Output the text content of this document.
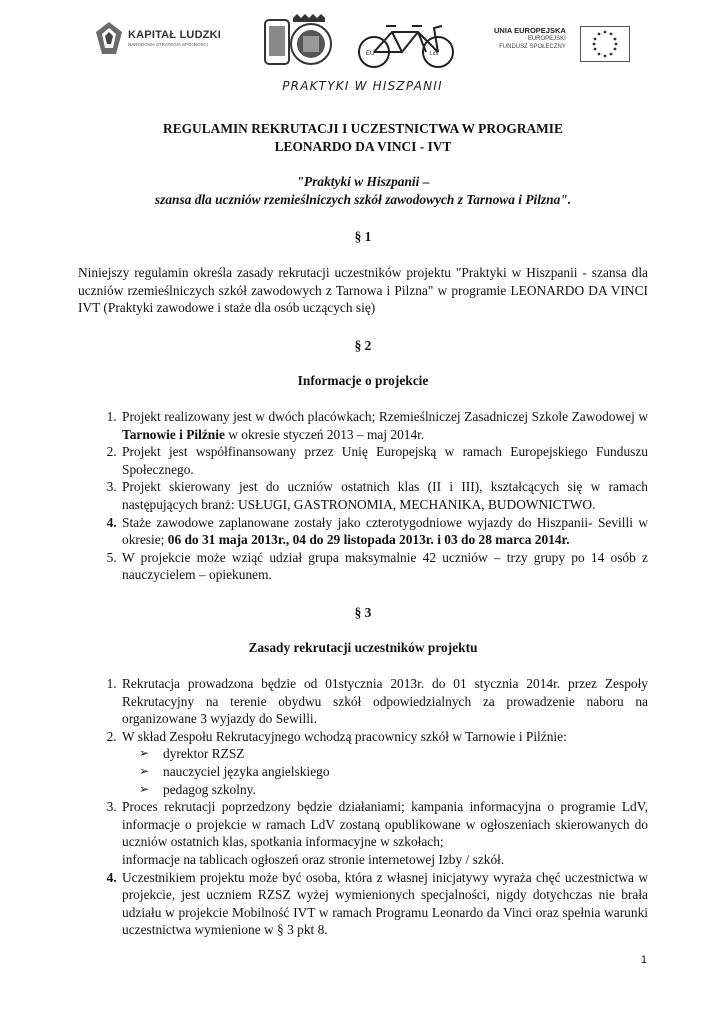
KAPITAŁ LUDZKI
NARODOWA STRATEGIA SPÓJNOŚCI
EU	LdV
UNIA EUROPEJSKA
EUROPEJSKI
FUNDUSZ SPOŁECZNY
PRAKTYKI W HISZPANII
REGULAMIN REKRUTACJI I UCZESTNICTWA W PROGRAMIE
LEONARDO DA VINCI - IVT
"Praktyki w Hiszpanii –
szansa dla uczniów rzemieślniczych szkół zawodowych z Tarnowa i Pilzna".
§ 1
Niniejszy regulamin określa zasady rekrutacji uczestników projektu "Praktyki w Hiszpanii - szansa dla uczniów rzemieślniczych szkół zawodowych z Tarnowa i Pilzna" w programie LEONARDO DA VINCI IVT (Praktyki zawodowe i staże dla osób uczących się)
§ 2
Informacje o projekcie
1. Projekt realizowany jest w dwóch placówkach; Rzemieślniczej Zasadniczej Szkole Zawodowej w Tarnowie i Pilźnie w okresie styczeń 2013 – maj 2014r.
2. Projekt jest współfinansowany przez Unię Europejską w ramach Europejskiego Funduszu Społecznego.
3. Projekt skierowany jest do uczniów ostatnich klas (II i III), kształcących się w ramach następujących branż: USŁUGI, GASTRONOMIA, MECHANIKA, BUDOWNICTWO.
4. Staże zawodowe zaplanowane zostały jako czterotygodniowe wyjazdy do Hiszpanii- Sevilli w okresie; 06 do 31 maja 2013r., 04 do 29 listopada 2013r. i 03 do 28 marca 2014r.
5. W projekcie może wziąć udział grupa maksymalnie 42 uczniów – trzy grupy po 14 osób z nauczycielem – opiekunem.
§ 3
Zasady rekrutacji uczestników projektu
1. Rekrutacja prowadzona będzie od 01stycznia 2013r. do 01 stycznia 2014r. przez Zespoły Rekrutacyjny na terenie obydwu szkół odpowiedzialnych za prowadzenie naboru na organizowane 3 wyjazdy do Sewilli.
2. W skład Zespołu Rekrutacyjnego wchodzą pracownicy szkół w Tarnowie i Pilźnie:
➢ dyrektor RZSZ
➢ nauczyciel języka angielskiego
➢ pedagog szkolny.
3. Proces rekrutacji poprzedzony będzie działaniami; kampania informacyjna o programie LdV, informacje o projekcie w ramach LdV zostaną opublikowane w ogłoszeniach skierowanych do uczniów ostatnich klas, spotkania informacyjne w szkołach;
informacje na tablicach ogłoszeń oraz stronie internetowej Izby / szkół.
4. Uczestnikiem projektu może być osoba, która z własnej inicjatywy wyraża chęć uczestnictwa w projekcie, jest uczniem RZSZ wyżej wymienionych specjalności, nigdy dotychczas nie brała udziału w projekcie Mobilność IVT w ramach Programu Leonardo da Vinci oraz spełnia warunki uczestnictwa wymienione w § 3 pkt 8.
1
